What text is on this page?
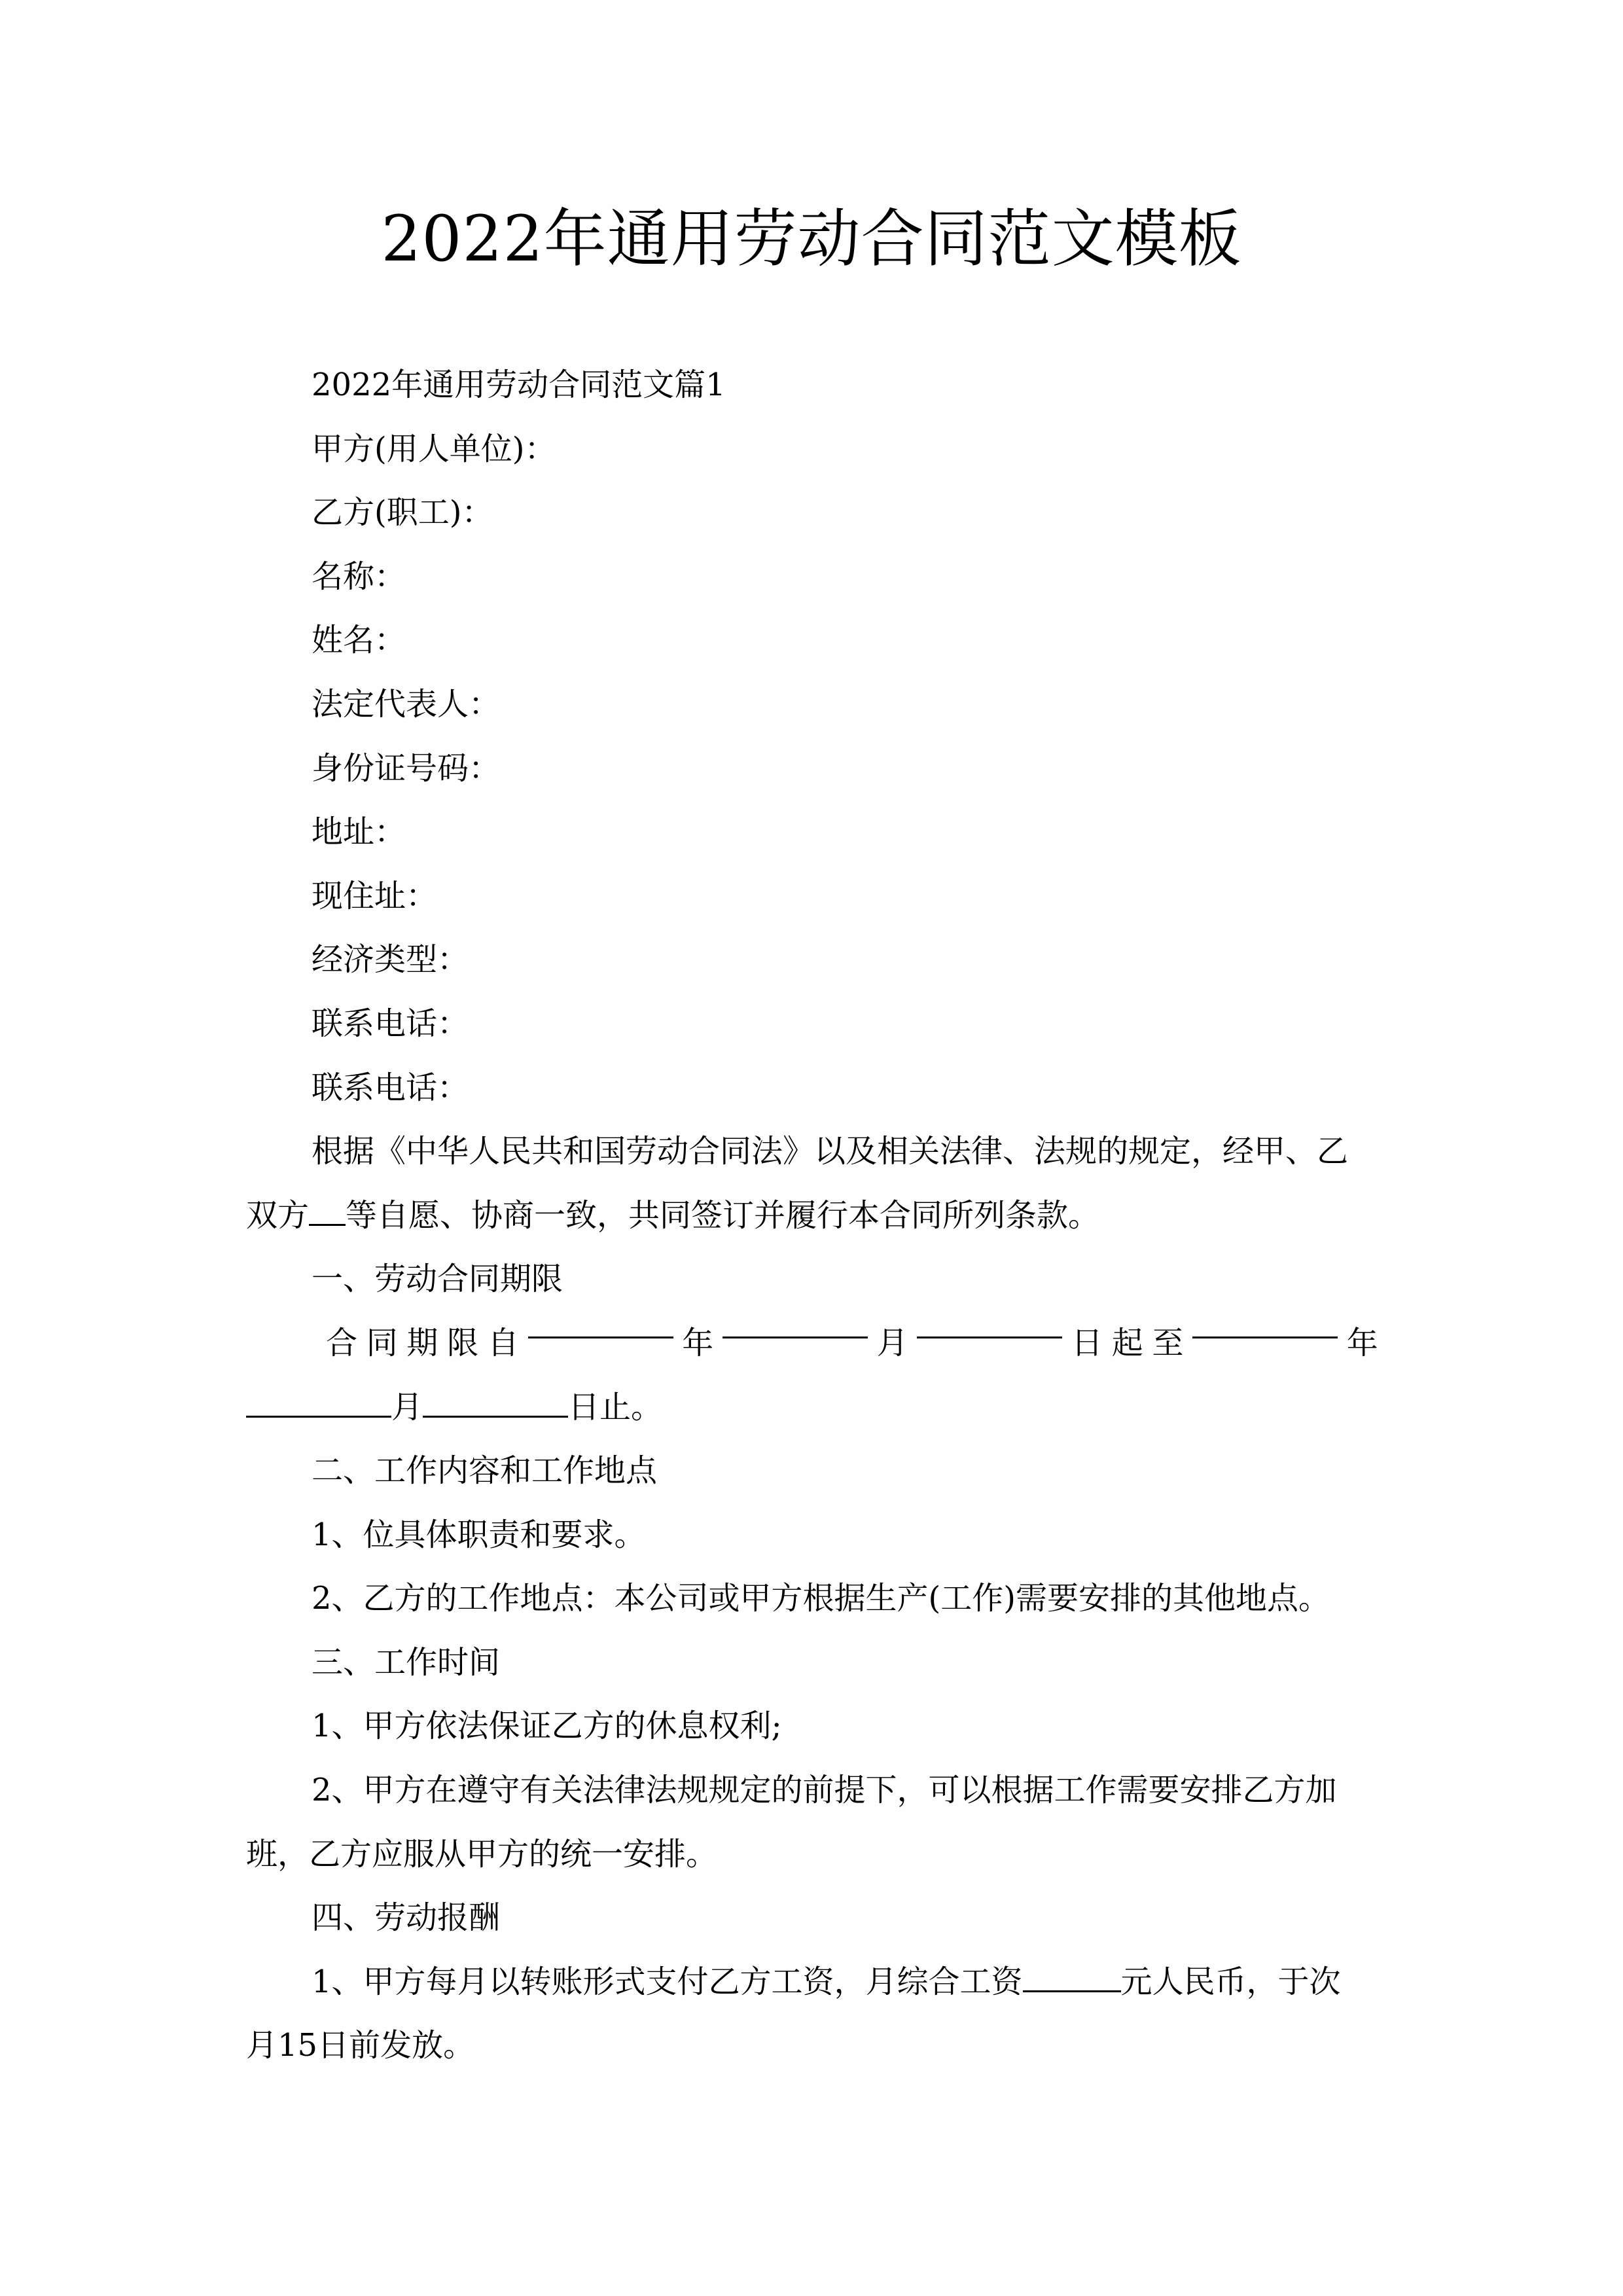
2022年通用劳动合同范文模板
2022年通用劳动合同范文篇1
甲方(用人单位)：
乙方(职工)：
名称：
姓名：
法定代表人：
身份证号码：
地址：
现住址：
经济类型：
联系电话：
联系电话：
根据《中华人民共和国劳动合同法》以及相关法律、法规的规定，经甲、乙
双方 等自愿、协商一致，共同签订并履行本合同所列条款。
一、劳动合同期限
合 同 期 限 自	年	月	日 起 至	年
月	日止。
二、工作内容和工作地点
1、位具体职责和要求。
2、乙方的工作地点：本公司或甲方根据生产(工作)需要安排的其他地点。
三、工作时间
1、甲方依法保证乙方的休息权利;
2、甲方在遵守有关法律法规规定的前提下，可以根据工作需要安排乙方加
班，乙方应服从甲方的统一安排。
四、劳动报酬
1、甲方每月以转账形式支付乙方工资，月综合工资	元人民币，于次
月15日前发放。
